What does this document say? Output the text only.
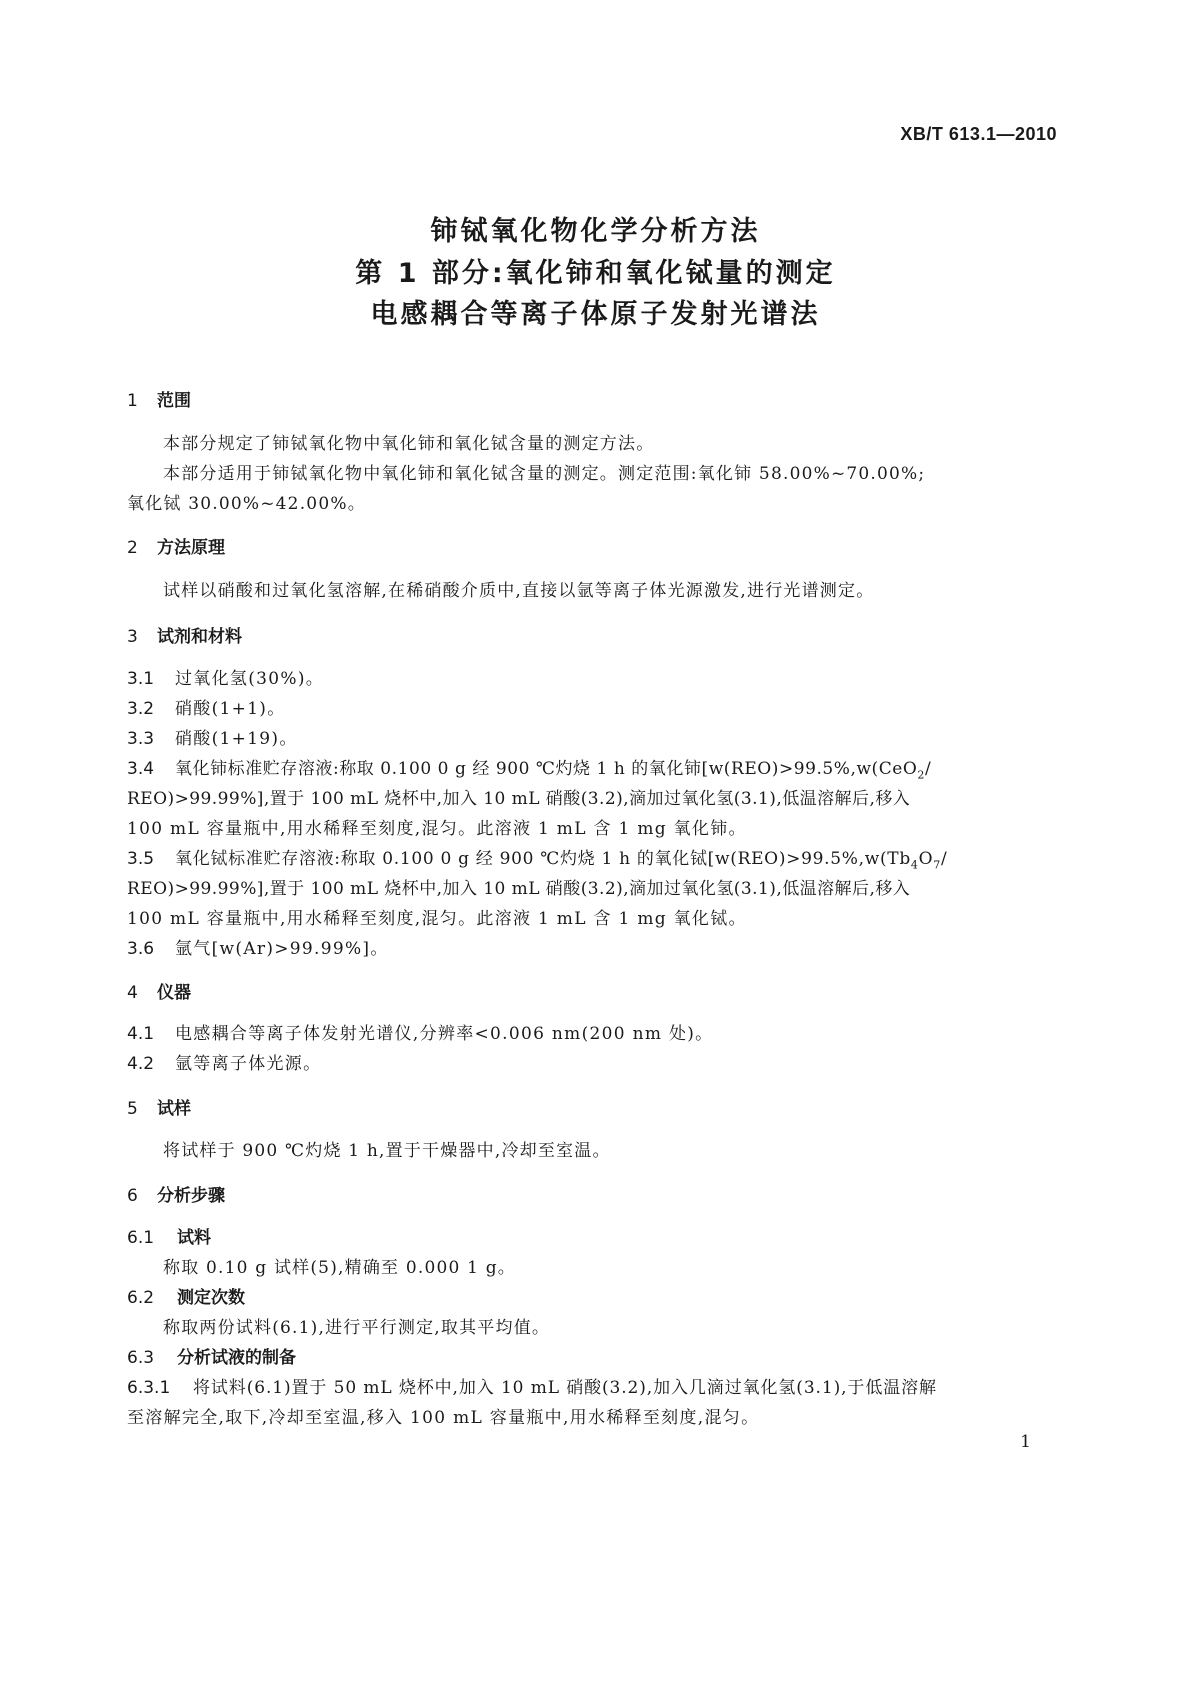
XB/T 613.1—2010
铈铽氧化物化学分析方法
第 1 部分:氧化铈和氧化铽量的测定
电感耦合等离子体原子发射光谱法
1 范围
本部分规定了铈铽氧化物中氧化铈和氧化铽含量的测定方法。
本部分适用于铈铽氧化物中氧化铈和氧化铽含量的测定。测定范围:氧化铈 58.00%~70.00%;
氧化铽 30.00%~42.00%。
2 方法原理
试样以硝酸和过氧化氢溶解,在稀硝酸介质中,直接以氩等离子体光源激发,进行光谱测定。
3 试剂和材料
3.1 过氧化氢(30%)。
3.2 硝酸(1+1)。
3.3 硝酸(1+19)。
3.4 氧化铈标准贮存溶液:称取 0.100 0 g 经 900 ℃灼烧 1 h 的氧化铈[w(REO)>99.5%,w(CeO$_2$/
REO)>99.99%],置于 100 mL 烧杯中,加入 10 mL 硝酸(3.2),滴加过氧化氢(3.1),低温溶解后,移入
100 mL 容量瓶中,用水稀释至刻度,混匀。此溶液 1 mL 含 1 mg 氧化铈。
3.5 氧化铽标准贮存溶液:称取 0.100 0 g 经 900 ℃灼烧 1 h 的氧化铽[$w(REO)>99.5\%,w(Tb_4O_7/$
REO)>99.99%],置于 100 mL 烧杯中,加入 10 mL 硝酸(3.2),滴加过氧化氢(3.1),低温溶解后,移入
100 mL 容量瓶中,用水稀释至刻度,混匀。此溶液 1 mL 含 1 mg 氧化铽。
3.6 氩气[w(Ar)>99.99%]。
4 仪器
4.1 电感耦合等离子体发射光谱仪,分辨率<0.006 nm(200 nm 处)。
4.2 氩等离子体光源。
5 试样
将试样于 900 ℃灼烧 1 h,置于干燥器中,冷却至室温。
6 分析步骤
6.1 试料
称取 0.10 g 试样(5),精确至 0.000 1 g。
6.2 测定次数
称取两份试料(6.1),进行平行测定,取其平均值。
6.3 分析试液的制备
6.3.1 将试料(6.1)置于 50 mL 烧杯中,加入 10 mL 硝酸(3.2),加入几滴过氧化氢(3.1),于低温溶解
至溶解完全,取下,冷却至室温,移入 100 mL 容量瓶中,用水稀释至刻度,混匀。
1
